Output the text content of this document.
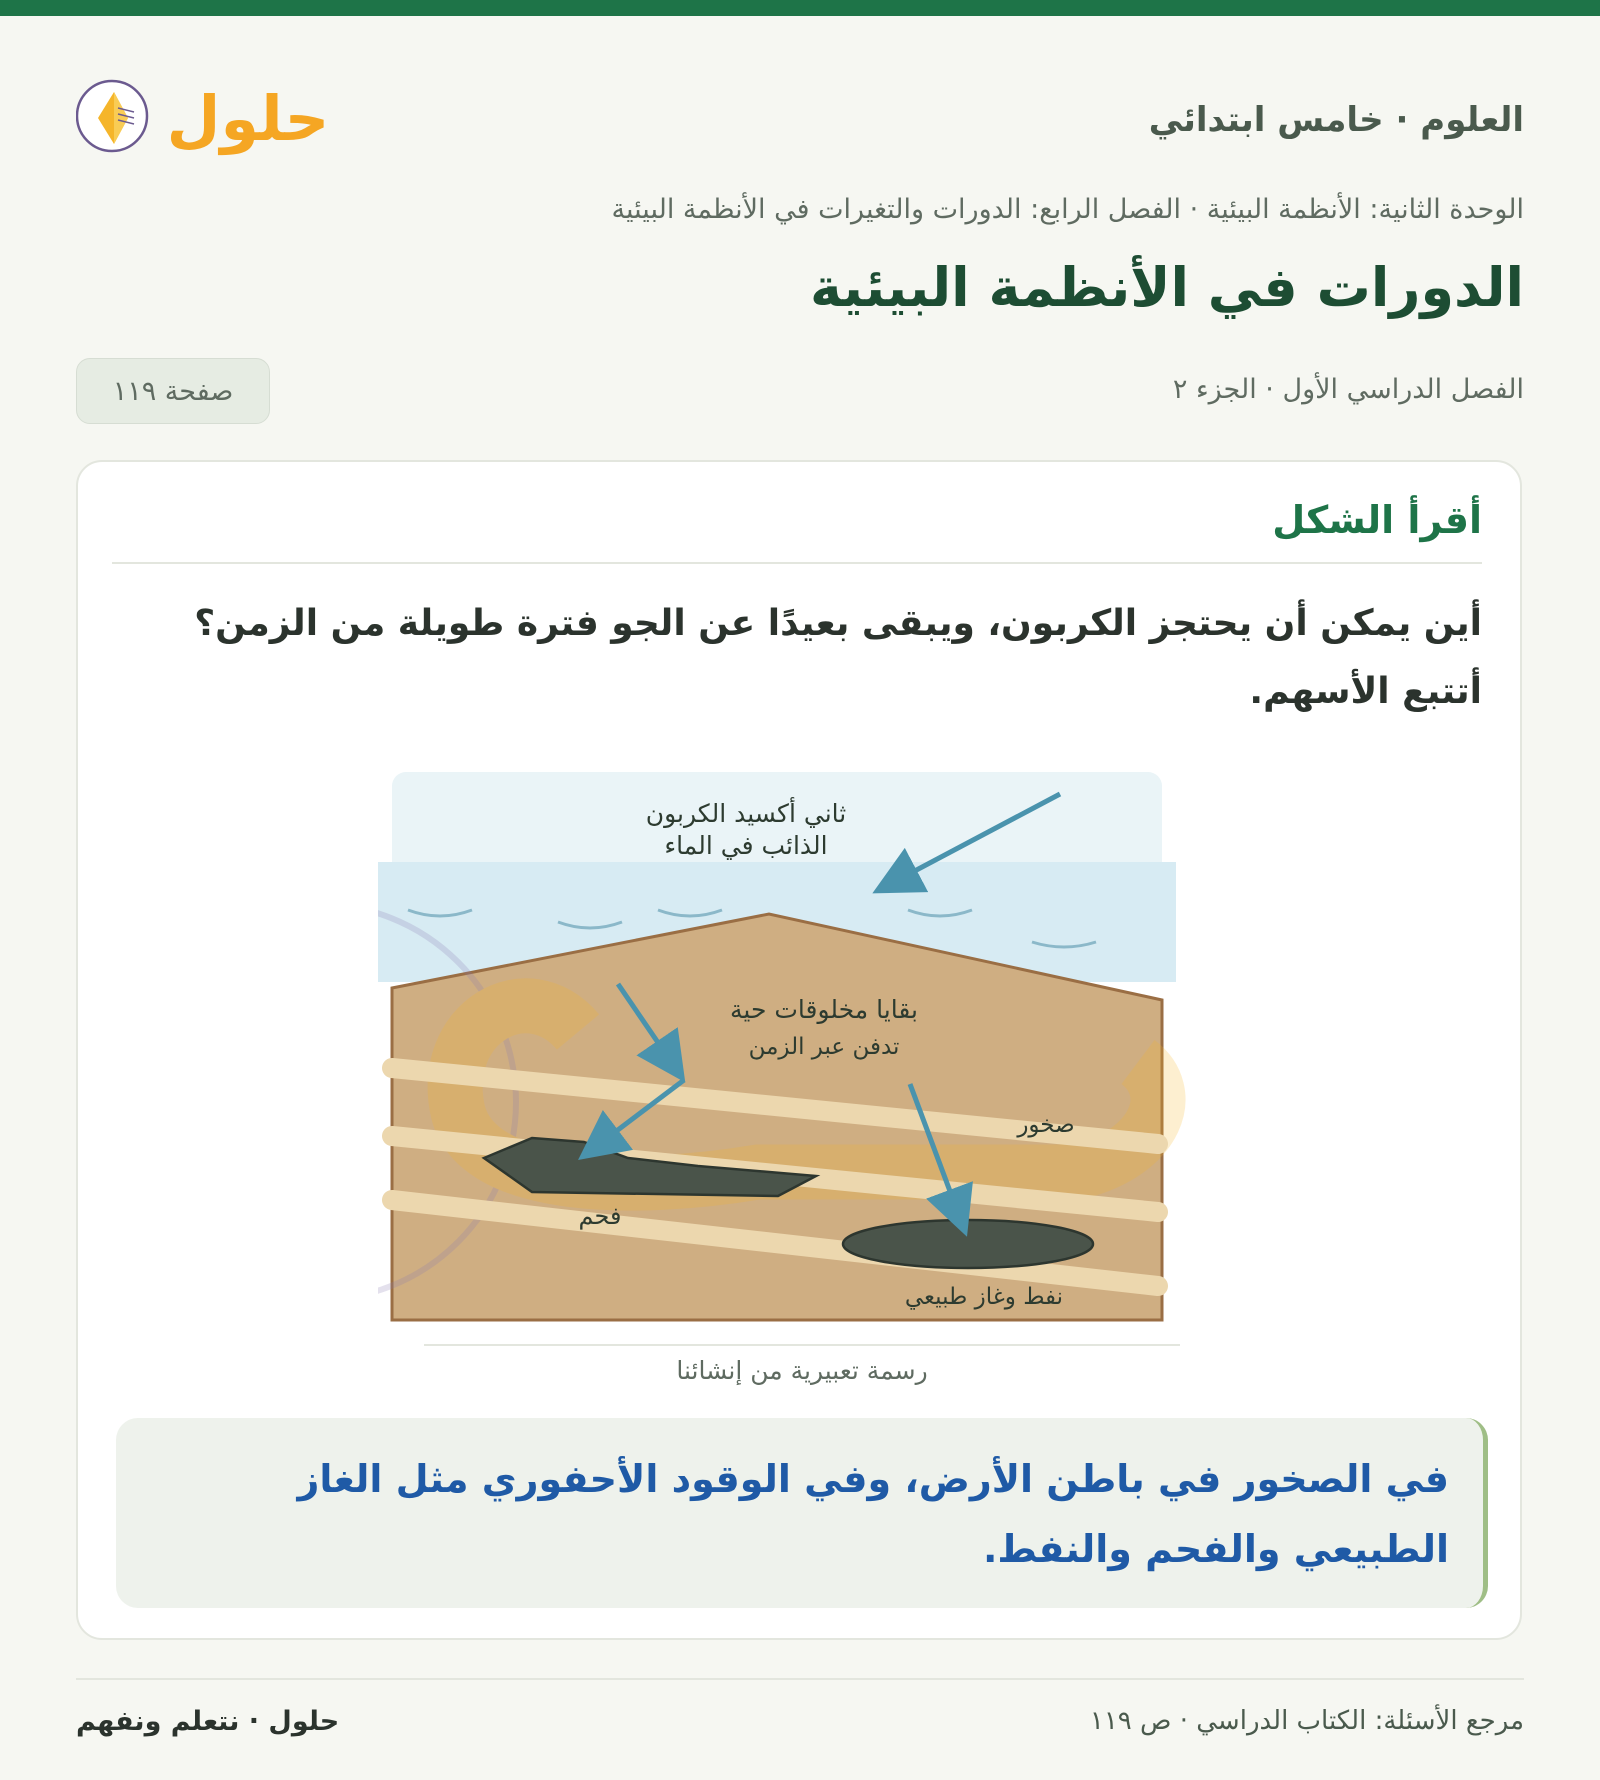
العلوم · خامس ابتدائي
حلول
الوحدة الثانية: الأنظمة البيئية · الفصل الرابع: الدورات والتغيرات في الأنظمة البيئية
الدورات في الأنظمة البيئية
الفصل الدراسي الأول · الجزء ٢
صفحة ١١٩
أقرأ الشكل
أين يمكن أن يحتجز الكربون، ويبقى بعيدًا عن الجو فترة طويلة من الزمن؟
أتتبع الأسهم.
ثاني أكسيد الكربون
الذائب في الماء
بقايا مخلوقات حية
تدفن عبر الزمن
صخور
فحم
نفط وغاز طبيعي
رسمة تعبيرية من إنشائنا
في الصخور في باطن الأرض، وفي الوقود الأحفوري مثل الغاز الطبيعي والفحم والنفط.
مرجع الأسئلة: الكتاب الدراسي · ص ١١٩
حلول · نتعلم ونفهم
